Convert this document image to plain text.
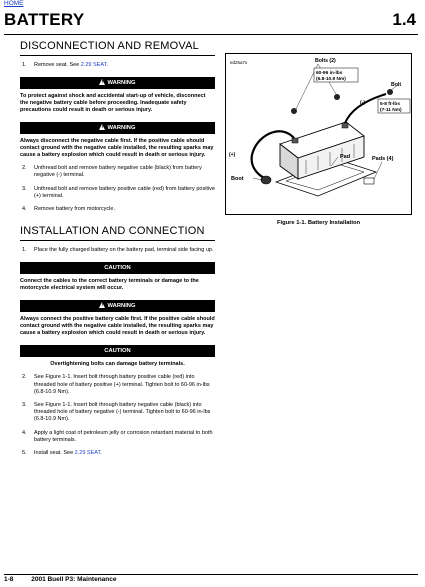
HOME
BATTERY	1.4
DISCONNECTION AND REMOVAL
1.	Remove seat. See 2.29 SEAT.
!WARNING
To protect against shock and accidental start-up of vehicle, disconnect the negative battery cable before proceeding. Inadequate safety precautions could result in death or serious injury.
!WARNING
Always disconnect the negative cable first. If the positive cable should contact ground with the negative cable installed, the resulting sparks may cause a battery explosion which could result in death or serious injury.
2.	Unthread bolt and remove battery negative cable (black) from battery negative (-) terminal.
3.	Unthread bolt and remove battery positive cable (red) from battery positive (+) terminal.
4.	Remove battery from motorcycle.
INSTALLATION AND CONNECTION
1.	Place the fully charged battery on the battery pad, terminal side facing up.
CAUTION
Connect the cables to the correct battery terminals or damage to the motorcycle electrical system will occur.
!WARNING
Always connect the positive battery cable first. If the positive cable should contact ground with the negative cable installed, the resulting sparks may cause a battery explosion which could result in death or serious injury.
CAUTION
Overtightening bolts can damage battery terminals.
2.	See Figure 1-1. Insert bolt through battery positive cable (red) into threaded hole of battery positive (+) terminal. Tighten bolt to 60-96 in-lbs (6.8-10.9 Nm).
3.	See Figure 1-1. Insert bolt through battery negative cable (black) into threaded hole of battery negative (-) terminal. Tighten bolt to 60-96 in-lbs (6.8-10.9 Nm).
4.	Apply a light coat of petroleum jelly or corrosion retardant material to both battery terminals.
5.	Install seat. See 2.29 SEAT.
ed25a7x	Bolts (2)
60-96 in-lbs
(6.8-10.9 Nm)
Bolt
5-8 ft-lbs
(7-11 Nm)
(-)
(+)	Pad	Pads (4)
Boot
Figure 1-1. Battery Installation
1-8	2001 Buell P3: Maintenance
